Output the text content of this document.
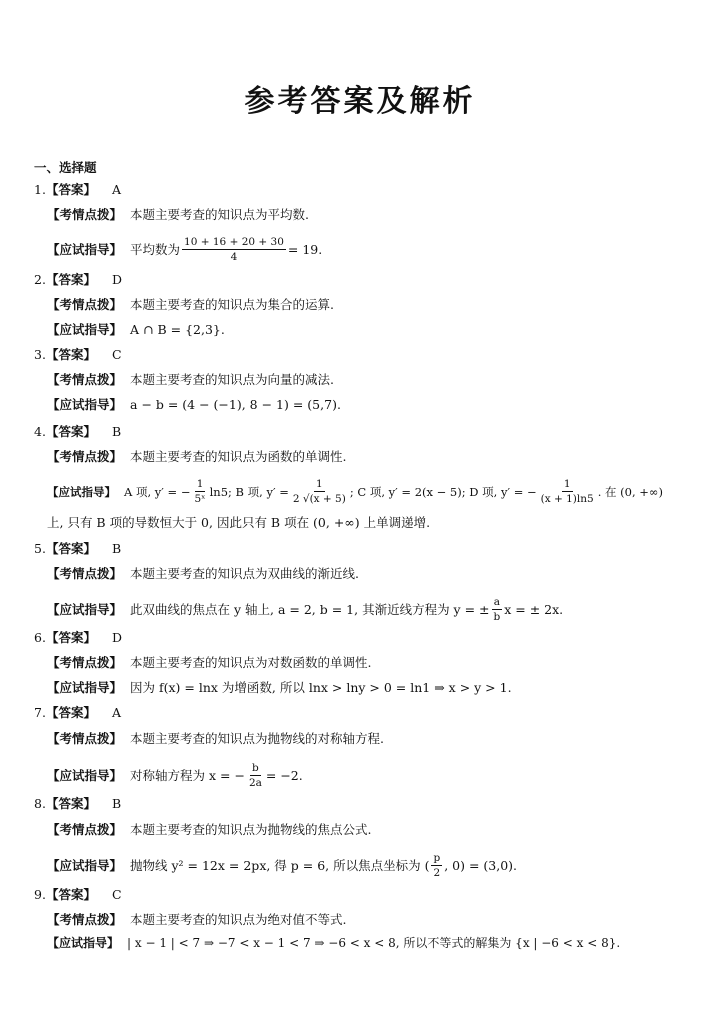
参考答案及解析
一、选择题
1. 【答案】 A
【考情点拨】 本题主要考查的知识点为平均数.
【应试指导】 平均数为 $\frac{10 + 16 + 20 + 30}{4} = 19$.
2. 【答案】 D
【考情点拨】 本题主要考查的知识点为集合的运算.
【应试指导】 A ∩ B = {2,3}.
3. 【答案】 C
【考情点拨】 本题主要考查的知识点为向量的减法.
【应试指导】 a − b = (4 − (−1), 8 − 1) = (5,7).
4. 【答案】 B
【考情点拨】 本题主要考查的知识点为函数的单调性.
【应试指导】 A 项, y′ = − $\frac{1}{\text{5ˣ}} \ln 5$; B 项, $y' = \frac{1}{2 √(x + 5)}$ ; C 项, y′ = 2(x − 5); D 项, y′ = − $\frac{1}{(x + 1)\ln 5}$ . 在 (0, +∞)
上, 只有 B 项的导数恒大于 0, 因此只有 B 项在 (0, +∞) 上单调递增.
5. 【答案】 B
【考情点拨】 本题主要考查的知识点为双曲线的渐近线.
【应试指导】 此双曲线的焦点在 y 轴上, a = 2, b = 1, 其渐近线方程为 y = ± $\frac{a}{b}$ x = ± 2x.
6. 【答案】 D
【考情点拨】 本题主要考查的知识点为对数函数的单调性.
【应试指导】 因为 f(x) = lnx 为增函数, 所以 lnx > lny > 0 = ln1 ⇒ x > y > 1.
7. 【答案】 A
【考情点拨】 本题主要考查的知识点为抛物线的对称轴方程.
【应试指导】 对称轴方程为 x = − $\frac{b}{2a} = -2$.
8. 【答案】 B
【考情点拨】 本题主要考查的知识点为抛物线的焦点公式.
【应试指导】 抛物线 y² = 12x = 2px, 得 p = 6, 所以焦点坐标为 ( $\frac{p}{2}$ , 0) = (3,0).
9. 【答案】 C
【考情点拨】 本题主要考查的知识点为绝对值不等式.
【应试指导】 | x − 1 | < 7 ⇒ −7 < x − 1 < 7 ⇒ −6 < x < 8, 所以不等式的解集为 {x | −6 < x < 8}.
